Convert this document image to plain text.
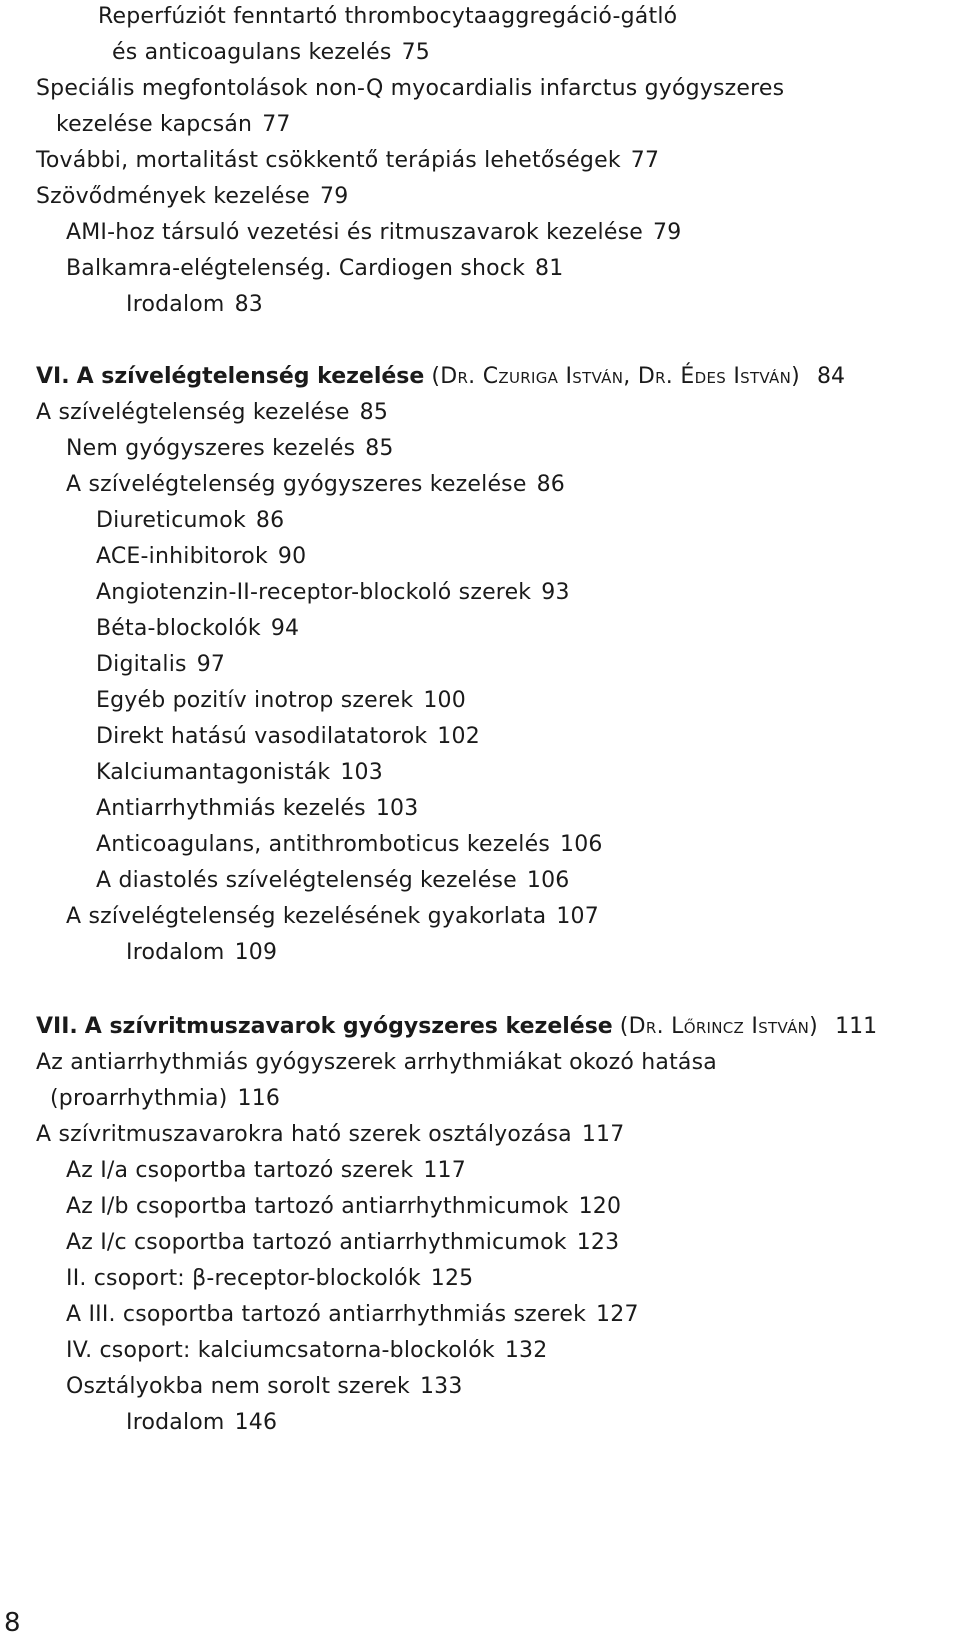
Reperfúziót fenntartó thrombocytaaggregáció-gátló
és anticoagulans kezelés 75
Speciális megfontolások non-Q myocardialis infarctus gyógyszeres
kezelése kapcsán 77
További, mortalitást csökkentő terápiás lehetőségek 77
Szövődmények kezelése 79
AMI-hoz társuló vezetési és ritmuszavarok kezelése 79
Balkamra-elégtelenség. Cardiogen shock 81
Irodalom 83
VI. A szívelégtelenség kezelése (Dr. Czuriga István, Dr. Édes István) 84
A szívelégtelenség kezelése 85
Nem gyógyszeres kezelés 85
A szívelégtelenség gyógyszeres kezelése 86
Diureticumok 86
ACE-inhibitorok 90
Angiotenzin-II-receptor-blockoló szerek 93
Béta-blockolók 94
Digitalis 97
Egyéb pozitív inotrop szerek 100
Direkt hatású vasodilatatorok 102
Kalciumantagonisták 103
Antiarrhythmiás kezelés 103
Anticoagulans, antithromboticus kezelés 106
A diastolés szívelégtelenség kezelése 106
A szívelégtelenség kezelésének gyakorlata 107
Irodalom 109
VII. A szívritmuszavarok gyógyszeres kezelése (Dr. Lőrincz István) 111
Az antiarrhythmiás gyógyszerek arrhythmiákat okozó hatása
(proarrhythmia) 116
A szívritmuszavarokra ható szerek osztályozása 117
Az I/a csoportba tartozó szerek 117
Az I/b csoportba tartozó antiarrhythmicumok 120
Az I/c csoportba tartozó antiarrhythmicumok 123
II. csoport: β-receptor-blockolók 125
A III. csoportba tartozó antiarrhythmiás szerek 127
IV. csoport: kalciumcsatorna-blockolók 132
Osztályokba nem sorolt szerek 133
Irodalom 146
8
